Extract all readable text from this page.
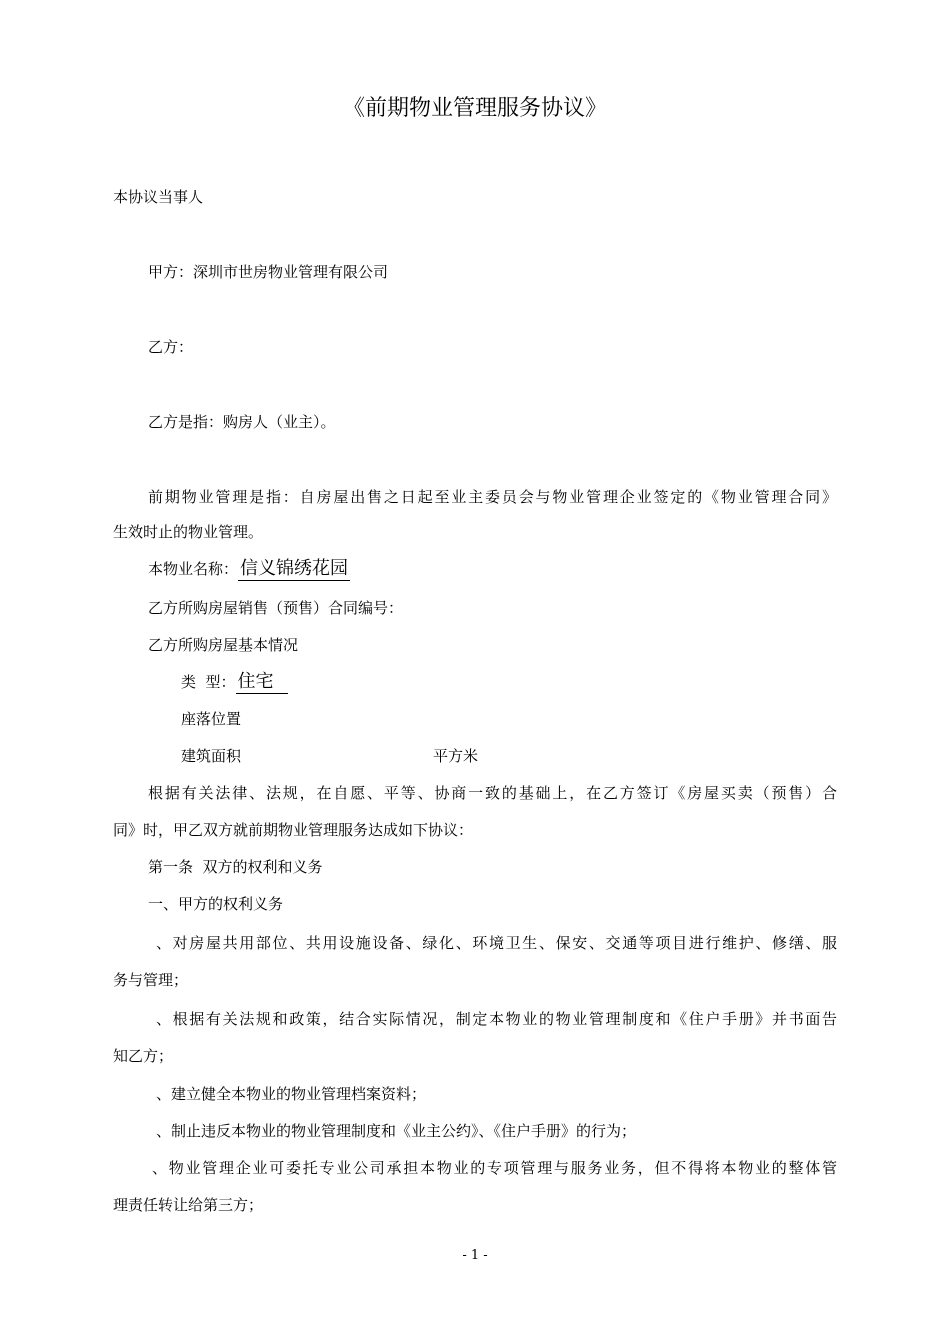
《前期物业管理服务协议》
本协议当事人
甲方：深圳市世房物业管理有限公司
乙方：
乙方是指：购房人（业主）。
前期物业管理是指：自房屋出售之日起至业主委员会与物业管理企业签定的《物业管理合同》
生效时止的物业管理。
本物业名称： 信义锦绣花园
乙方所购房屋销售（预售）合同编号：
乙方所购房屋基本情况
类  型： 住宅
座落位置
建筑面积	平方米
根据有关法律、法规，在自愿、平等、协商一致的基础上，在乙方签订《房屋买卖（预售）合
同》时，甲乙双方就前期物业管理服务达成如下协议：
第一条  双方的权利和义务
一、甲方的权利义务
、对房屋共用部位、共用设施设备、绿化、环境卫生、保安、交通等项目进行维护、修缮、服
务与管理；
、根据有关法规和政策，结合实际情况，制定本物业的物业管理制度和《住户手册》并书面告
知乙方；
、建立健全本物业的物业管理档案资料；
、制止违反本物业的物业管理制度和《业主公约》、《住户手册》的行为；
、物业管理企业可委托专业公司承担本物业的专项管理与服务业务，但不得将本物业的整体管
理责任转让给第三方；
- 1 -
